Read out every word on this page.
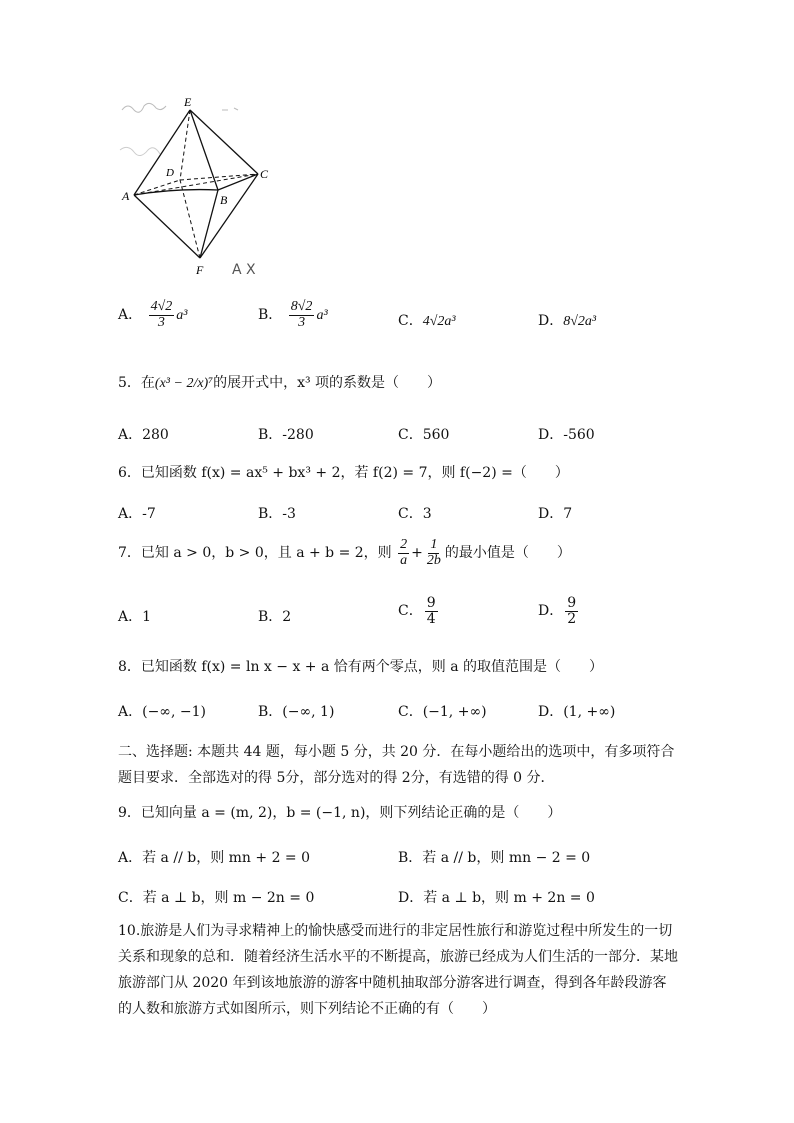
E
D	C
A	B
F A X
A． $\frac{4√2}{3} a^3$	B． $\frac{8√2}{3} a^3$	C．4√2a³	D．8√2a³
5．在(x³ − 2/x)⁷的展开式中，x³ 项的系数是（　　）
A．280	B．-280	C．560	D．-560
6．已知函数 f(x) = ax⁵ + bx³ + 2，若 f(2) = 7，则 f(−2) =（　　）
A．-7	B．-3	C．3	D．7
7．已知 a > 0，b > 0，且 a + b = 2，则 $\frac{2}{a} + \frac{1}{2b}$ 的最小值是（　　）
A．1	B．2	C． $\frac{9}{4}$	D． $\frac{9}{2}$
8．已知函数 f(x) = ln x − x + a 恰有两个零点，则 a 的取值范围是（　　）
A．(−∞, −1)	B．(−∞, 1)	C．(−1, +∞)	D．(1, +∞)
二、选择题: 本题共 44 题，每小题 5 分，共 20 分．在每小题给出的选项中，有多项符合题目要求．全部选对的得 5分，部分选对的得 2分，有选错的得 0 分．
9．已知向量 a = (m, 2)，b = (−1, n)，则下列结论正确的是（　　）
A．若 a // b，则 mn + 2 = 0	B．若 a // b，则 mn − 2 = 0
C．若 a ⊥ b，则 m − 2n = 0	D．若 a ⊥ b，则 m + 2n = 0
10.旅游是人们为寻求精神上的愉快感受而进行的非定居性旅行和游览过程中所发生的一切关系和现象的总和．随着经济生活水平的不断提高，旅游已经成为人们生活的一部分．某地旅游部门从 2020 年到该地旅游的游客中随机抽取部分游客进行调查，得到各年龄段游客的人数和旅游方式如图所示，则下列结论不正确的有（　　）
